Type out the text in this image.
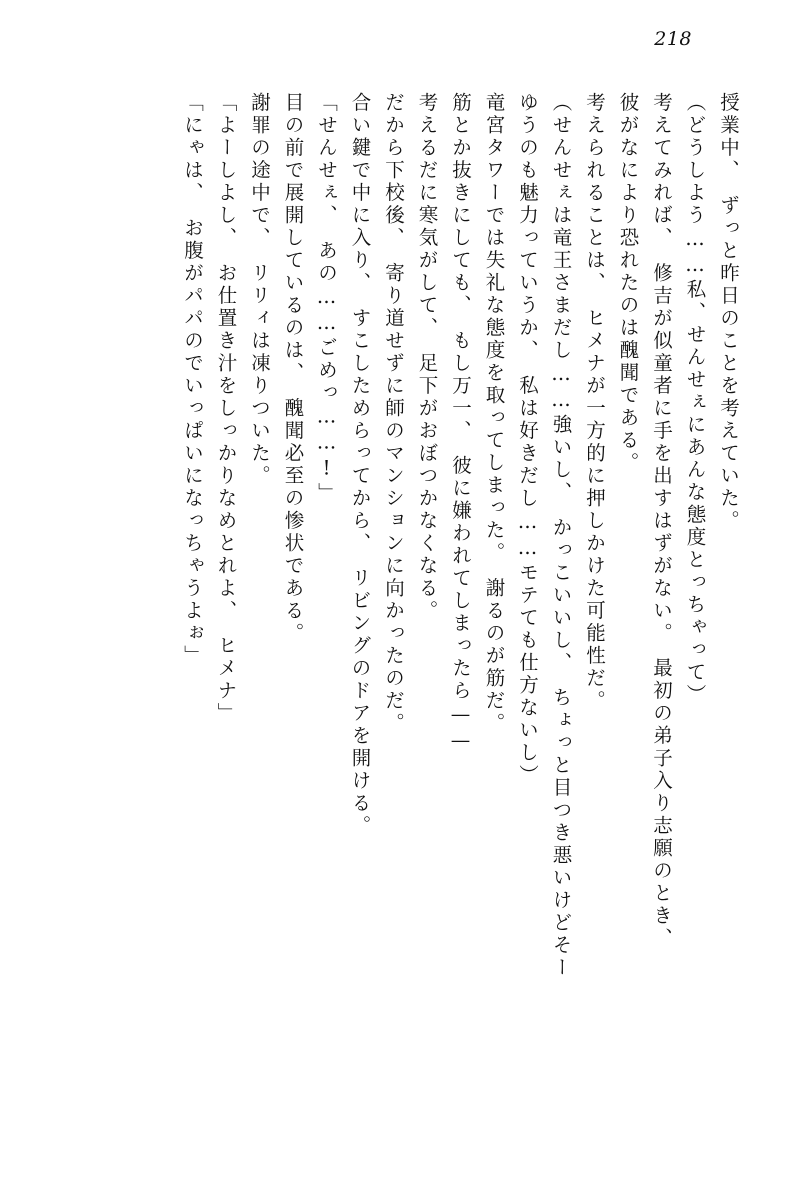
218
授業中、　ずっと昨日のことを考えていた。
（どうしよう……私、せんせぇにあんな態度とっちゃって）
考えてみれば、　修吉が似童者に手を出すはずがない。　最初の弟子入り志願のとき、
彼がなにより恐れたのは醜聞である。
考えられることは、　ヒメナが一方的に押しかけた可能性だ。
（せんせぇは竜王さまだし……強いし、　かっこいいし、　ちょっと目つき悪いけどそー
ゆうのも魅力っていうか、　私は好きだし……モテても仕方ないし）
竜宮タワーでは失礼な態度を取ってしまった。　謝るのが筋だ。
筋とか抜きにしても、　もし万一、　彼に嫌われてしまったら——
考えるだに寒気がして、　足下がおぼつかなくなる。
だから下校後、　寄り道せずに師のマンションに向かったのだ。
合い鍵で中に入り、　すこしためらってから、　リビングのドアを開ける。
「せんせぇ、　あの……ごめっ……!」
目の前で展開しているのは、　醜聞必至の惨状である。
謝罪の途中で、　リリィは凍りついた。
「よーしよし、　お仕置き汁をしっかりなめとれよ、　ヒメナ」
「にゃは、　お腹がパパのでいっぱいになっちゃうよぉ」
